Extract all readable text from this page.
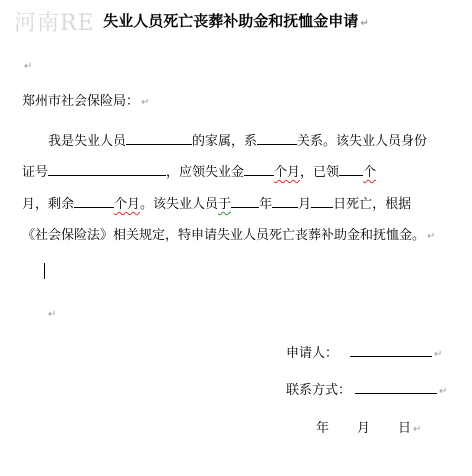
河南RE 失业人员死亡丧葬补助金和抚恤金申请 ↵
↵
郑州市社会保险局： ↵
我是失业人员	的家属，系	关系。该失业人员身份
证号	，应领失业金 个月，已领 个
月，剩余	个月。该失业人员于 年 月 日死亡，根据
《社会保险法》相关规定，特申请失业人员死亡丧葬补助金和抚恤金。 ↵
↵
申请人：	↵
联系方式：	↵
年 月 日 ↵
